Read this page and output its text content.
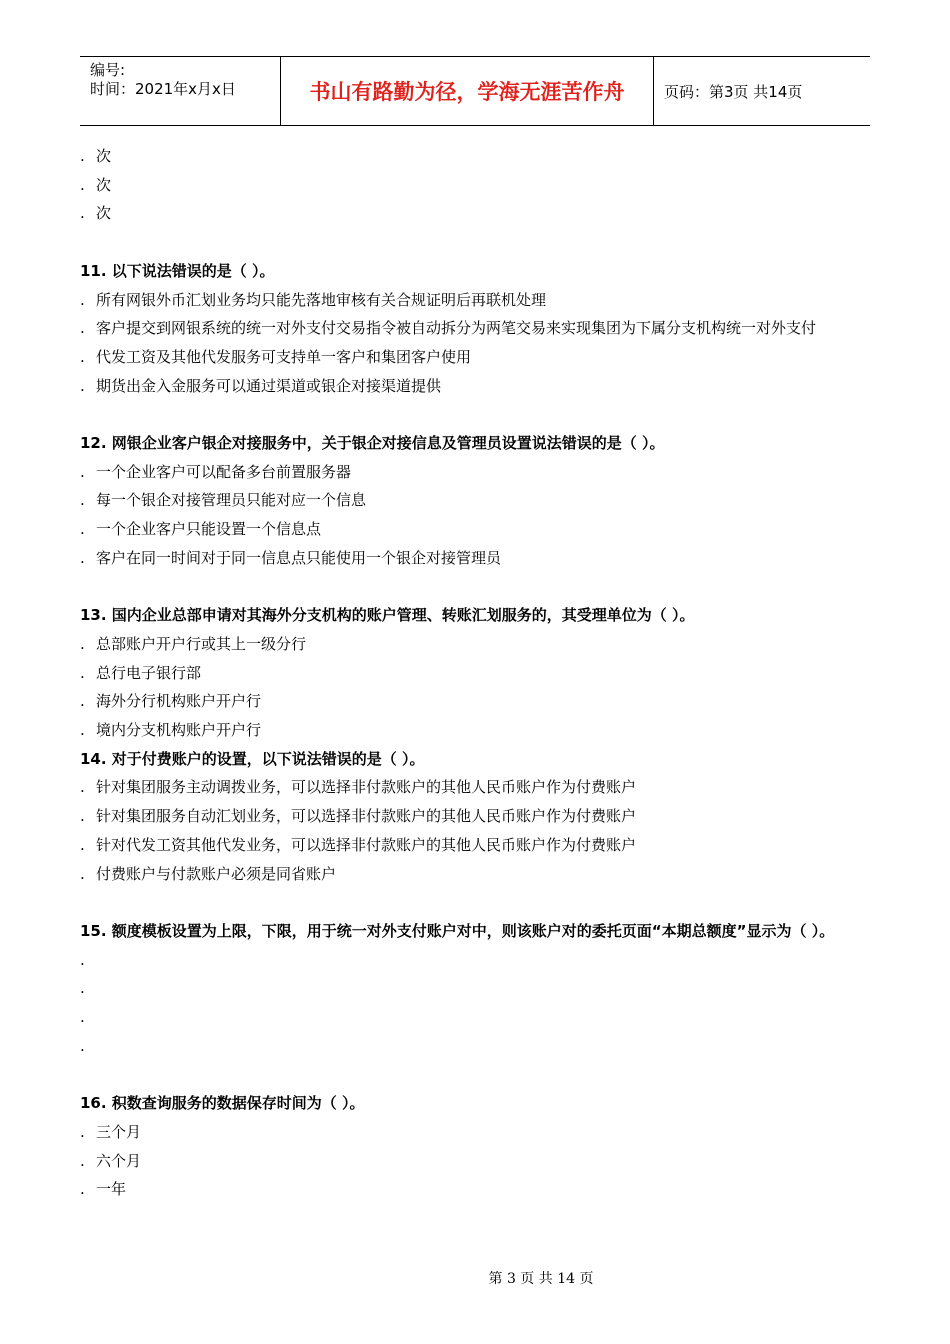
编号:
时间：2021年x月x日	书山有路勤为径，学海无涯苦作舟	页码：第3页 共14页
. 次
. 次
. 次
11. 以下说法错误的是（ ）。
. 所有网银外币汇划业务均只能先落地审核有关合规证明后再联机处理
. 客户提交到网银系统的统一对外支付交易指令被自动拆分为两笔交易来实现集团为下属分支机构统一对外支付
. 代发工资及其他代发服务可支持单一客户和集团客户使用
. 期货出金入金服务可以通过渠道或银企对接渠道提供
12. 网银企业客户银企对接服务中，关于银企对接信息及管理员设置说法错误的是（ ）。
. 一个企业客户可以配备多台前置服务器
. 每一个银企对接管理员只能对应一个信息
. 一个企业客户只能设置一个信息点
. 客户在同一时间对于同一信息点只能使用一个银企对接管理员
13. 国内企业总部申请对其海外分支机构的账户管理、转账汇划服务的，其受理单位为（ ）。
. 总部账户开户行或其上一级分行
. 总行电子银行部
. 海外分行机构账户开户行
. 境内分支机构账户开户行
14. 对于付费账户的设置，以下说法错误的是（ ）。
. 针对集团服务主动调拨业务，可以选择非付款账户的其他人民币账户作为付费账户
. 针对集团服务自动汇划业务，可以选择非付款账户的其他人民币账户作为付费账户
. 针对代发工资其他代发业务，可以选择非付款账户的其他人民币账户作为付费账户
. 付费账户与付款账户必须是同省账户
15. 额度模板设置为上限，下限，用于统一对外支付账户对中，则该账户对的委托页面“本期总额度”显示为（ ）。
.
.
.
.
16. 积数查询服务的数据保存时间为（ ）。
. 三个月
. 六个月
. 一年
第 3 页 共 14 页
